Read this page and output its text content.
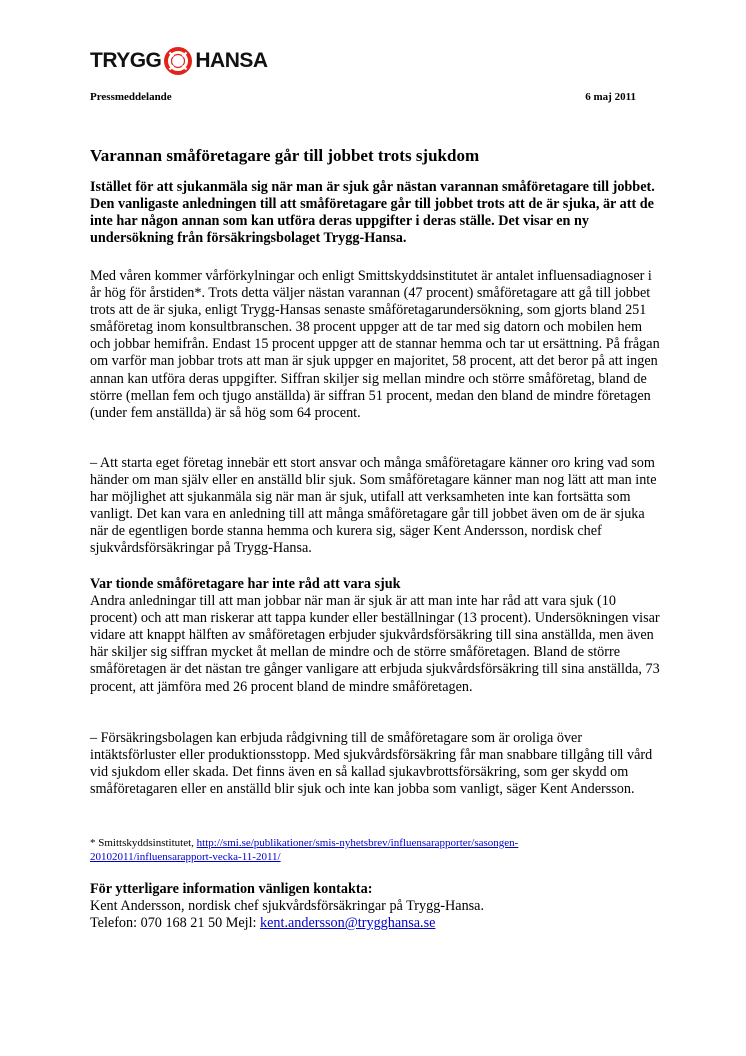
TRYGG HANSA
Pressmeddelande	6 maj 2011
Varannan småföretagare går till jobbet trots sjukdom

Istället för att sjukanmäla sig när man är sjuk går nästan varannan småföretagare till jobbet. Den vanligaste anledningen till att småföretagare går till jobbet trots att de är sjuka, är att de inte har någon annan som kan utföra deras uppgifter i deras ställe. Det visar en ny undersökning från försäkringsbolaget Trygg-Hansa.

Med våren kommer vårförkylningar och enligt Smittskyddsinstitutet är antalet influensadiagnoser i år hög för årstiden*. Trots detta väljer nästan varannan (47 procent) småföretagare att gå till jobbet trots att de är sjuka, enligt Trygg-Hansas senaste småföretagarundersökning, som gjorts bland 251 småföretag inom konsultbranschen. 38 procent uppger att de tar med sig datorn och mobilen hem och jobbar hemifrån. Endast 15 procent uppger att de stannar hemma och tar ut ersättning. På frågan om varför man jobbar trots att man är sjuk uppger en majoritet, 58 procent, att det beror på att ingen annan kan utföra deras uppgifter. Siffran skiljer sig mellan mindre och större småföretag, bland de större (mellan fem och tjugo anställda) är siffran 51 procent, medan den bland de mindre företagen (under fem anställda) är så hög som 64 procent.

– Att starta eget företag innebär ett stort ansvar och många småföretagare känner oro kring vad som händer om man själv eller en anställd blir sjuk. Som småföretagare känner man nog lätt att man inte har möjlighet att sjukanmäla sig när man är sjuk, utifall att verksamheten inte kan fortsätta som vanligt. Det kan vara en anledning till att många småföretagare går till jobbet även om de är sjuka när de egentligen borde stanna hemma och kurera sig, säger Kent Andersson, nordisk chef sjukvårdsförsäkringar på Trygg-Hansa.

Var tionde småföretagare har inte råd att vara sjuk

Andra anledningar till att man jobbar när man är sjuk är att man inte har råd att vara sjuk (10 procent) och att man riskerar att tappa kunder eller beställningar (13 procent). Undersökningen visar vidare att knappt hälften av småföretagen erbjuder sjukvårdsförsäkring till sina anställda, men även här skiljer sig siffran mycket åt mellan de mindre och de större småföretagen. Bland de större småföretagen är det nästan tre gånger vanligare att erbjuda sjukvårdsförsäkring till sina anställda, 73 procent, att jämföra med 26 procent bland de mindre småföretagen.

– Försäkringsbolagen kan erbjuda rådgivning till de småföretagare som är oroliga över intäktsförluster eller produktionsstopp. Med sjukvårdsförsäkring får man snabbare tillgång till vård vid sjukdom eller skada. Det finns även en så kallad sjukavbrottsförsäkring, som ger skydd om småföretagaren eller en anställd blir sjuk och inte kan jobba som vanligt, säger Kent Andersson.

* Smittskyddsinstitutet, http://smi.se/publikationer/smis-nyhetsbrev/influensarapporter/sasongen-20102011/influensarapport-vecka-11-2011/

För ytterligare information vänligen kontakta:

Kent Andersson, nordisk chef sjukvårdsförsäkringar på Trygg-Hansa.

Telefon: 070 168 21 50 Mejl: kent.andersson@trygghansa.se
